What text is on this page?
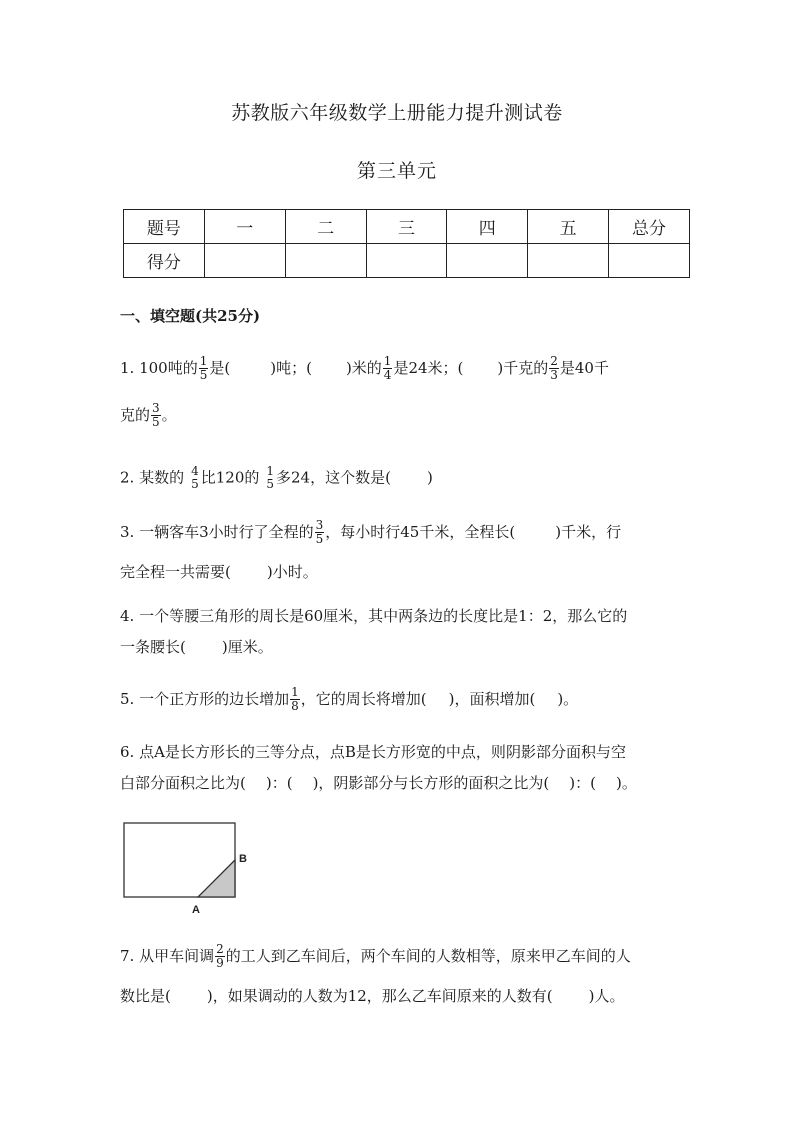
苏教版六年级数学上册能力提升测试卷
第三单元
题号	一	二	三	四	五	总分
得分						
一、填空题(共25分)
1. 100吨的 $\frac{1}{5}$ 是(	)吨；( )米的 $\frac{1}{4}$ 是24米；( )千克的 $\frac{2}{3}$ 是40千
克的 $\frac{3}{5}$ 。
2. 某数的 4
5 比120的 1
5 多24，这个数是( )
3. 一辆客车3小时行了全程的 $\frac{3}{5}$ ，每小时行45千米，全程长(	)千米，行
完全程一共需要( )小时。
4. 一个等腰三角形的周长是60厘米，其中两条边的长度比是1：2，那么它的
一条腰长( )厘米。
5. 一个正方形的边长增加 $\frac{1}{8}$ ，它的周长将增加( )，面积增加( )。
6. 点A是长方形长的三等分点，点B是长方形宽的中点，则阴影部分面积与空
白部分面积之比为( )：( )，阴影部分与长方形的面积之比为( )：( )。
A
B
7. 从甲车间调 $\frac{2}{9}$ 的工人到乙车间后，两个车间的人数相等，原来甲乙车间的人
数比是( )，如果调动的人数为12，那么乙车间原来的人数有( )人。
